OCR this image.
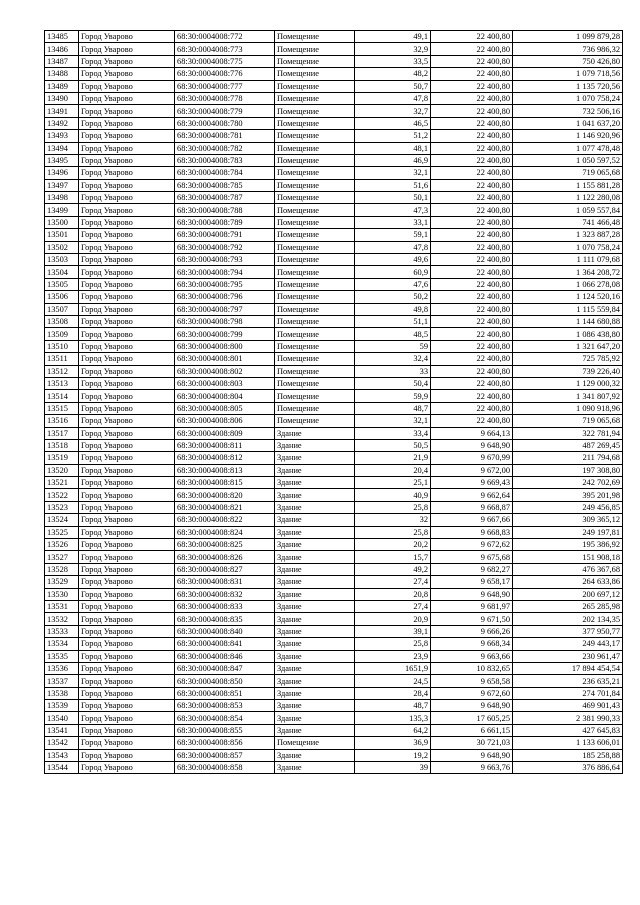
13485	Город Уварово	68:30:0004008:772	Помещение	49,1	22 400,80	1 099 879,28
13486	Город Уварово	68:30:0004008:773	Помещение	32,9	22 400,80	736 986,32
13487	Город Уварово	68:30:0004008:775	Помещение	33,5	22 400,80	750 426,80
13488	Город Уварово	68:30:0004008:776	Помещение	48,2	22 400,80	1 079 718,56
13489	Город Уварово	68:30:0004008:777	Помещение	50,7	22 400,80	1 135 720,56
13490	Город Уварово	68:30:0004008:778	Помещение	47,8	22 400,80	1 070 758,24
13491	Город Уварово	68:30:0004008:779	Помещение	32,7	22 400,80	732 506,16
13492	Город Уварово	68:30:0004008:780	Помещение	46,5	22 400,80	1 041 637,20
13493	Город Уварово	68:30:0004008:781	Помещение	51,2	22 400,80	1 146 920,96
13494	Город Уварово	68:30:0004008:782	Помещение	48,1	22 400,80	1 077 478,48
13495	Город Уварово	68:30:0004008:783	Помещение	46,9	22 400,80	1 050 597,52
13496	Город Уварово	68:30:0004008:784	Помещение	32,1	22 400,80	719 065,68
13497	Город Уварово	68:30:0004008:785	Помещение	51,6	22 400,80	1 155 881,28
13498	Город Уварово	68:30:0004008:787	Помещение	50,1	22 400,80	1 122 280,08
13499	Город Уварово	68:30:0004008:788	Помещение	47,3	22 400,80	1 059 557,84
13500	Город Уварово	68:30:0004008:789	Помещение	33,1	22 400,80	741 466,48
13501	Город Уварово	68:30:0004008:791	Помещение	59,1	22 400,80	1 323 887,28
13502	Город Уварово	68:30:0004008:792	Помещение	47,8	22 400,80	1 070 758,24
13503	Город Уварово	68:30:0004008:793	Помещение	49,6	22 400,80	1 111 079,68
13504	Город Уварово	68:30:0004008:794	Помещение	60,9	22 400,80	1 364 208,72
13505	Город Уварово	68:30:0004008:795	Помещение	47,6	22 400,80	1 066 278,08
13506	Город Уварово	68:30:0004008:796	Помещение	50,2	22 400,80	1 124 520,16
13507	Город Уварово	68:30:0004008:797	Помещение	49,8	22 400,80	1 115 559,84
13508	Город Уварово	68:30:0004008:798	Помещение	51,1	22 400,80	1 144 680,88
13509	Город Уварово	68:30:0004008:799	Помещение	48,5	22 400,80	1 086 438,80
13510	Город Уварово	68:30:0004008:800	Помещение	59	22 400,80	1 321 647,20
13511	Город Уварово	68:30:0004008:801	Помещение	32,4	22 400,80	725 785,92
13512	Город Уварово	68:30:0004008:802	Помещение	33	22 400,80	739 226,40
13513	Город Уварово	68:30:0004008:803	Помещение	50,4	22 400,80	1 129 000,32
13514	Город Уварово	68:30:0004008:804	Помещение	59,9	22 400,80	1 341 807,92
13515	Город Уварово	68:30:0004008:805	Помещение	48,7	22 400,80	1 090 918,96
13516	Город Уварово	68:30:0004008:806	Помещение	32,1	22 400,80	719 065,68
13517	Город Уварово	68:30:0004008:809	Здание	33,4	9 664,13	322 781,94
13518	Город Уварово	68:30:0004008:811	Здание	50,5	9 648,90	487 269,45
13519	Город Уварово	68:30:0004008:812	Здание	21,9	9 670,99	211 794,68
13520	Город Уварово	68:30:0004008:813	Здание	20,4	9 672,00	197 308,80
13521	Город Уварово	68:30:0004008:815	Здание	25,1	9 669,43	242 702,69
13522	Город Уварово	68:30:0004008:820	Здание	40,9	9 662,64	395 201,98
13523	Город Уварово	68:30:0004008:821	Здание	25,8	9 668,87	249 456,85
13524	Город Уварово	68:30:0004008:822	Здание	32	9 667,66	309 365,12
13525	Город Уварово	68:30:0004008:824	Здание	25,8	9 668,83	249 197,81
13526	Город Уварово	68:30:0004008:825	Здание	20,2	9 672,62	195 386,92
13527	Город Уварово	68:30:0004008:826	Здание	15,7	9 675,68	151 908,18
13528	Город Уварово	68:30:0004008:827	Здание	49,2	9 682,27	476 367,68
13529	Город Уварово	68:30:0004008:831	Здание	27,4	9 658,17	264 633,86
13530	Город Уварово	68:30:0004008:832	Здание	20,8	9 648,90	200 697,12
13531	Город Уварово	68:30:0004008:833	Здание	27,4	9 681,97	265 285,98
13532	Город Уварово	68:30:0004008:835	Здание	20,9	9 671,50	202 134,35
13533	Город Уварово	68:30:0004008:840	Здание	39,1	9 666,26	377 950,77
13534	Город Уварово	68:30:0004008:841	Здание	25,8	9 668,34	249 443,17
13535	Город Уварово	68:30:0004008:846	Здание	23,9	9 663,66	230 961,47
13536	Город Уварово	68:30:0004008:847	Здание	1651,9	10 832,65	17 894 454,54
13537	Город Уварово	68:30:0004008:850	Здание	24,5	9 658,58	236 635,21
13538	Город Уварово	68:30:0004008:851	Здание	28,4	9 672,60	274 701,84
13539	Город Уварово	68:30:0004008:853	Здание	48,7	9 648,90	469 901,43
13540	Город Уварово	68:30:0004008:854	Здание	135,3	17 605,25	2 381 990,33
13541	Город Уварово	68:30:0004008:855	Здание	64,2	6 661,15	427 645,83
13542	Город Уварово	68:30:0004008:856	Помещение	36,9	30 721,03	1 133 606,01
13543	Город Уварово	68:30:0004008:857	Здание	19,2	9 648,90	185 258,88
13544	Город Уварово	68:30:0004008:858	Здание	39	9 663,76	376 886,64
